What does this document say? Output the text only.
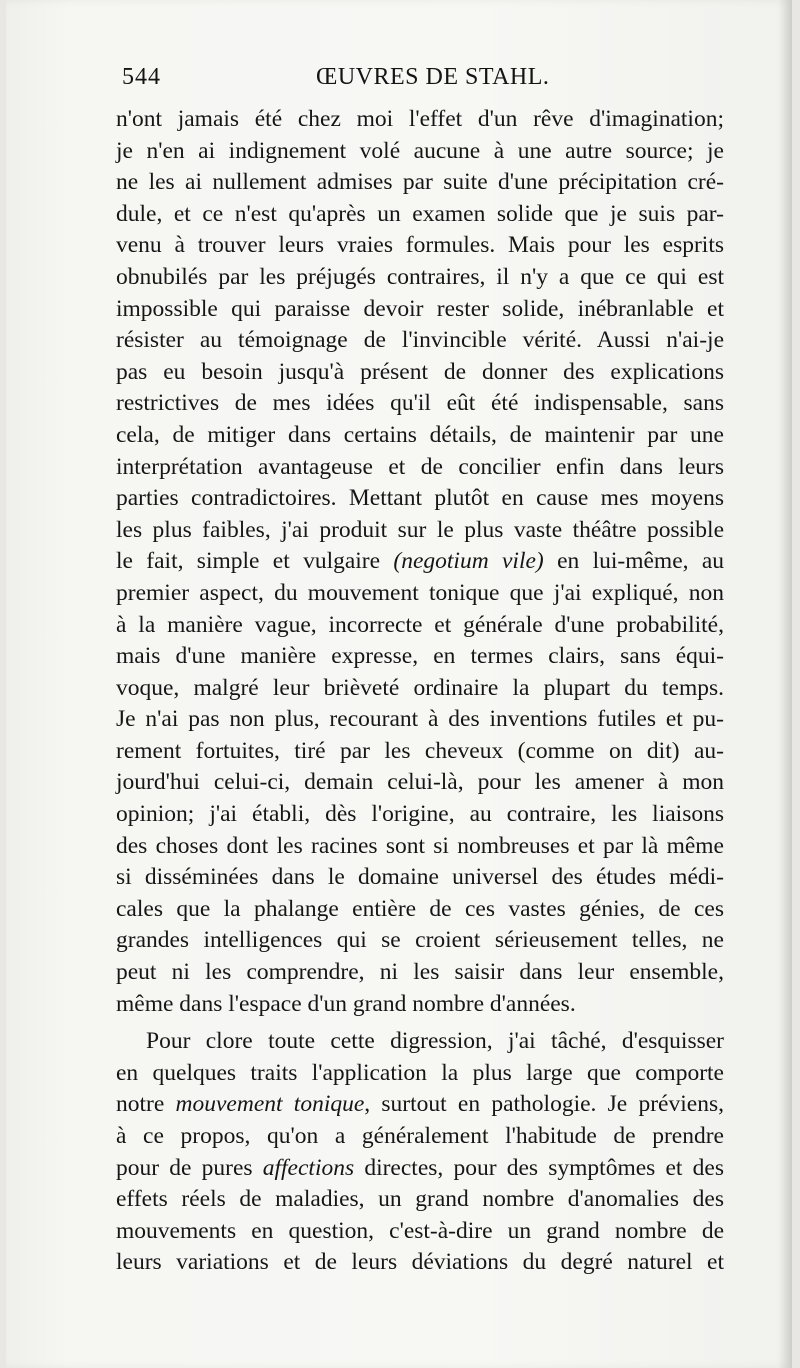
544	ŒUVRES DE STAHL.
n'ont jamais été chez moi l'effet d'un rêve d'imagination;
je n'en ai indignement volé aucune à une autre source; je
ne les ai nullement admises par suite d'une précipitation cré-
dule, et ce n'est qu'après un examen solide que je suis par-
venu à trouver leurs vraies formules. Mais pour les esprits
obnubilés par les préjugés contraires, il n'y a que ce qui est
impossible qui paraisse devoir rester solide, inébranlable et
résister au témoignage de l'invincible vérité. Aussi n'ai-je
pas eu besoin jusqu'à présent de donner des explications
restrictives de mes idées qu'il eût été indispensable, sans
cela, de mitiger dans certains détails, de maintenir par une
interprétation avantageuse et de concilier enfin dans leurs
parties contradictoires. Mettant plutôt en cause mes moyens
les plus faibles, j'ai produit sur le plus vaste théâtre possible
le fait, simple et vulgaire (negotium vile) en lui-même, au
premier aspect, du mouvement tonique que j'ai expliqué, non
à la manière vague, incorrecte et générale d'une probabilité,
mais d'une manière expresse, en termes clairs, sans équi-
voque, malgré leur brièveté ordinaire la plupart du temps.
Je n'ai pas non plus, recourant à des inventions futiles et pu-
rement fortuites, tiré par les cheveux (comme on dit) au-
jourd'hui celui-ci, demain celui-là, pour les amener à mon
opinion; j'ai établi, dès l'origine, au contraire, les liaisons
des choses dont les racines sont si nombreuses et par là même
si disséminées dans le domaine universel des études médi-
cales que la phalange entière de ces vastes génies, de ces
grandes intelligences qui se croient sérieusement telles, ne
peut ni les comprendre, ni les saisir dans leur ensemble,
même dans l'espace d'un grand nombre d'années.
Pour clore toute cette digression, j'ai tâché, d'esquisser
en quelques traits l'application la plus large que comporte
notre mouvement tonique, surtout en pathologie. Je préviens,
à ce propos, qu'on a généralement l'habitude de prendre
pour de pures affections directes, pour des symptômes et des
effets réels de maladies, un grand nombre d'anomalies des
mouvements en question, c'est-à-dire un grand nombre de
leurs variations et de leurs déviations du degré naturel et
